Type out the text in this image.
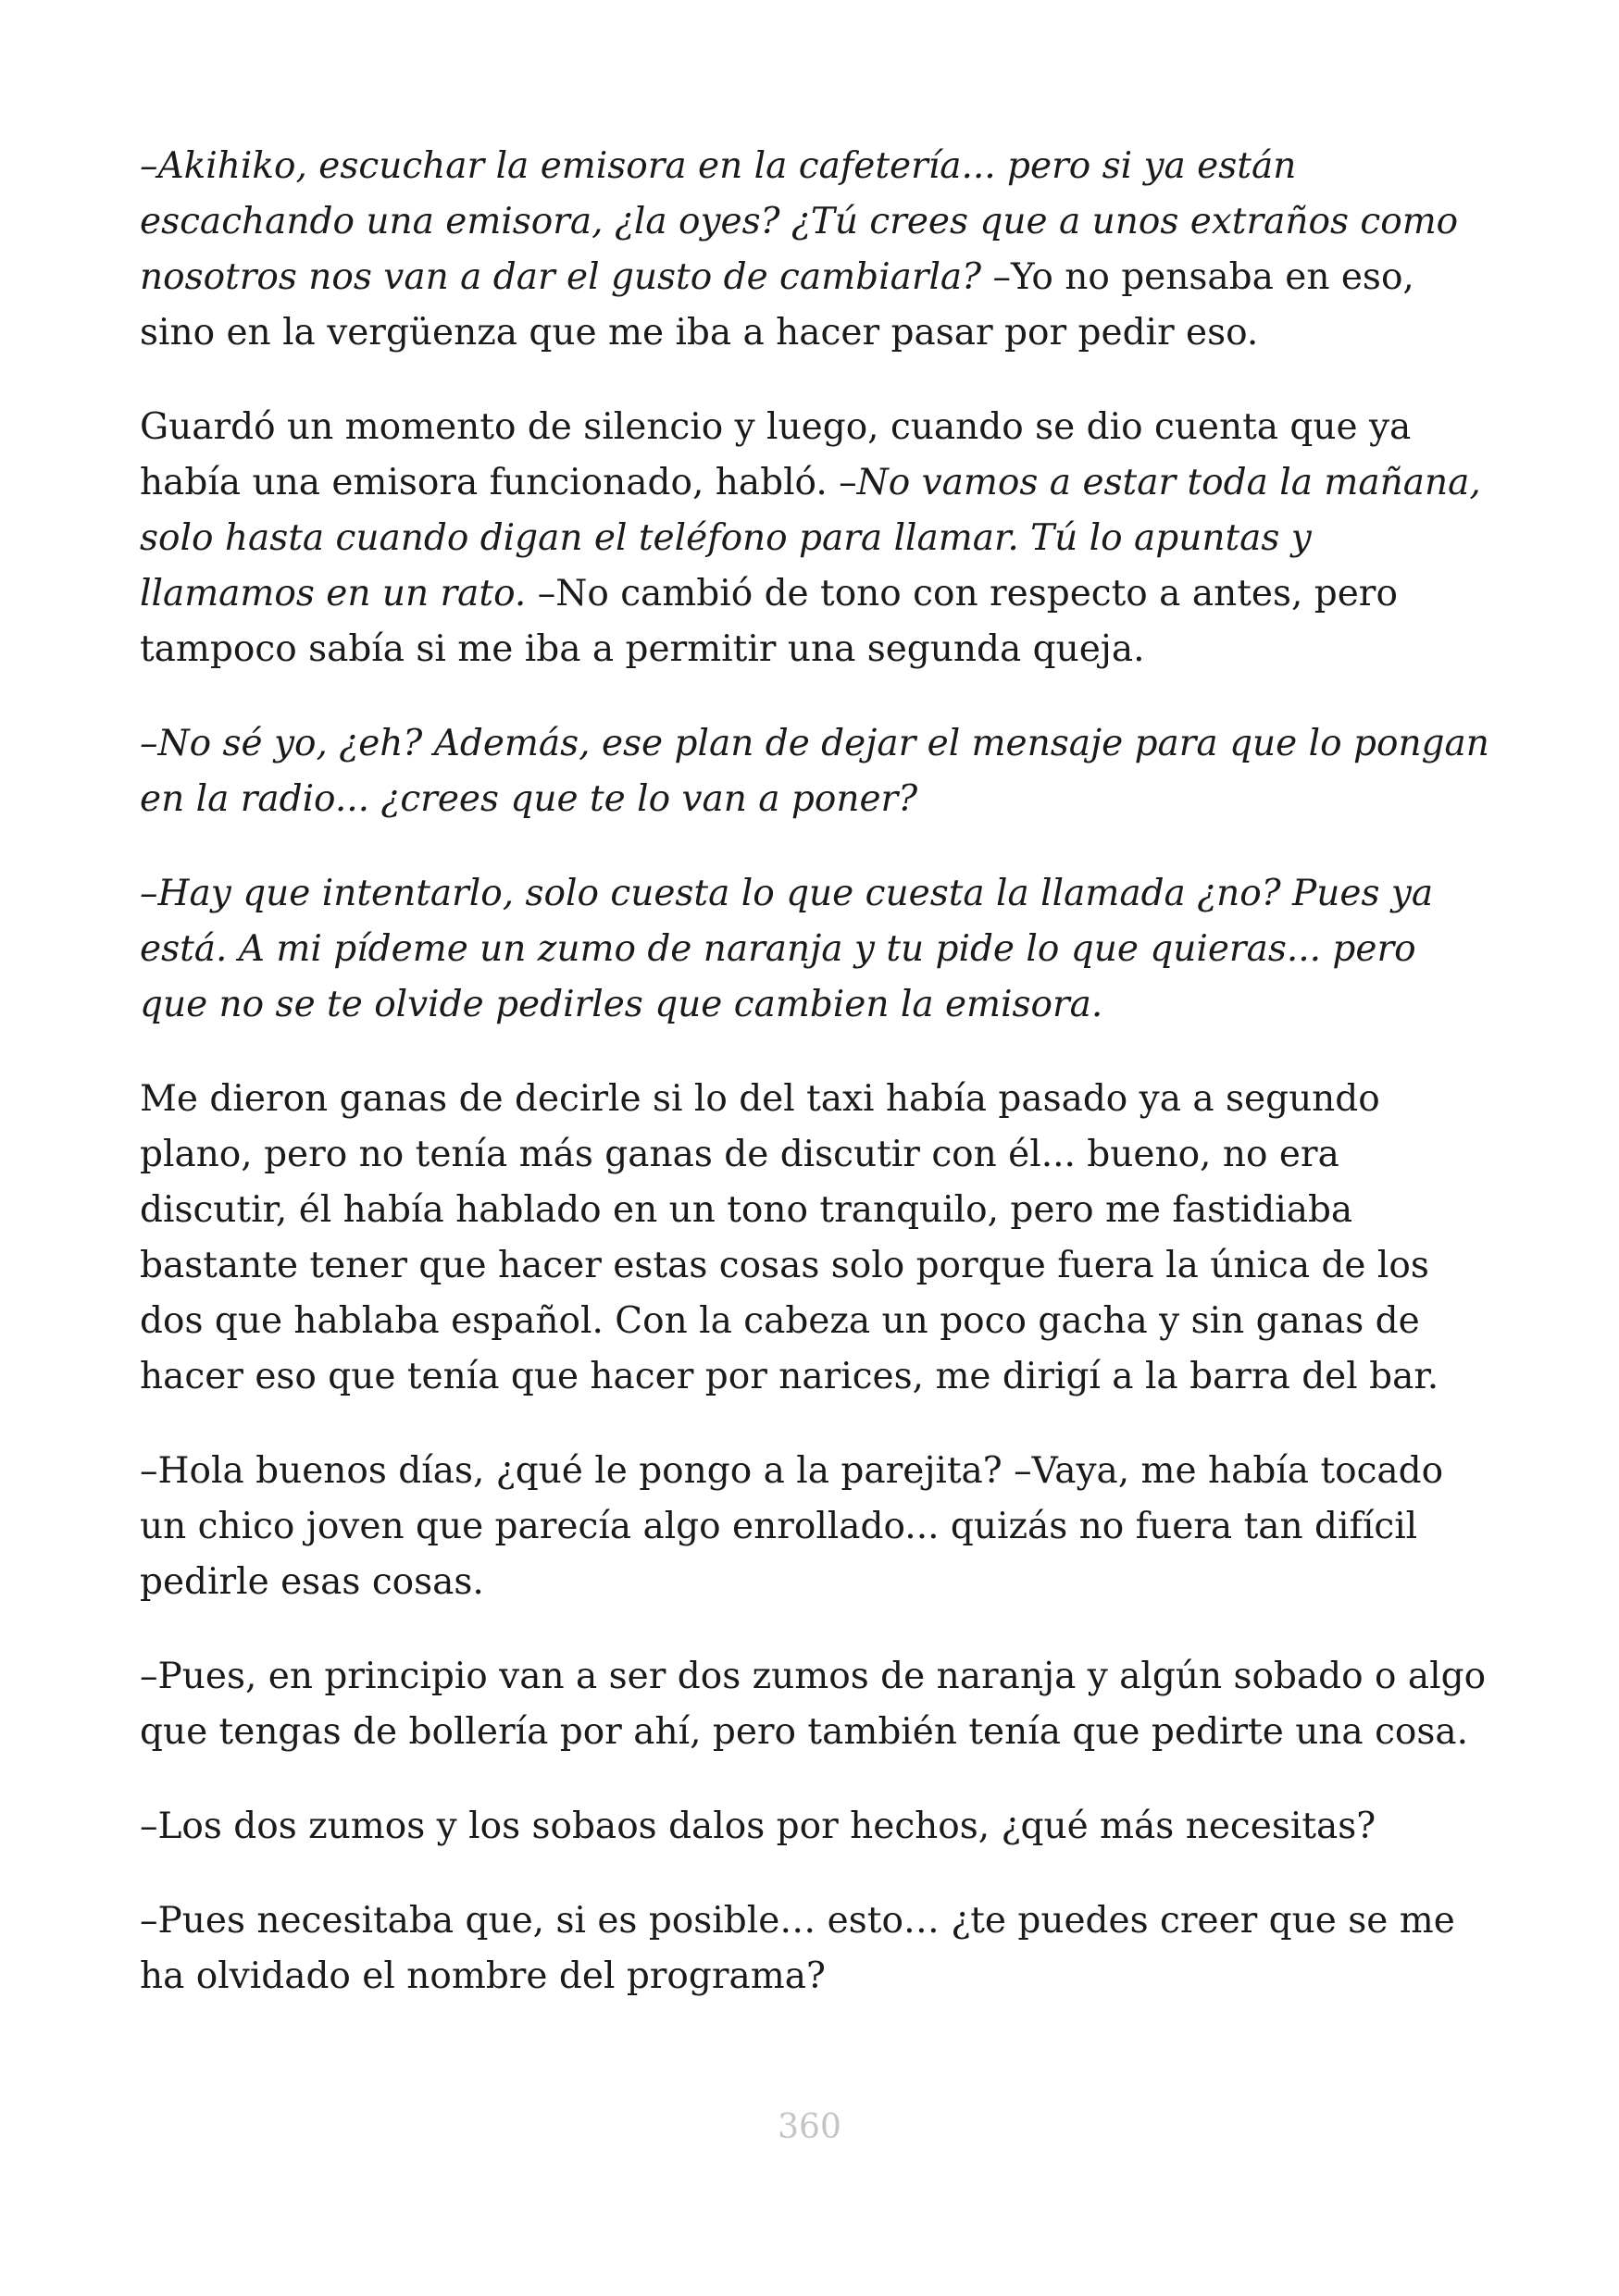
–Akihiko, escuchar la emisora en la cafetería... pero si ya están escachando una emisora, ¿la oyes? ¿Tú crees que a unos extraños como nosotros nos van a dar el gusto de cambiarla? –Yo no pensaba en eso, sino en la vergüenza que me iba a hacer pasar por pedir eso.

Guardó un momento de silencio y luego, cuando se dio cuenta que ya había una emisora funcionado, habló. –No vamos a estar toda la mañana, solo hasta cuando digan el teléfono para llamar. Tú lo apuntas y llamamos en un rato. –No cambió de tono con respecto a antes, pero tampoco sabía si me iba a permitir una segunda queja.

–No sé yo, ¿eh? Además, ese plan de dejar el mensaje para que lo pongan en la radio... ¿crees que te lo van a poner?

–Hay que intentarlo, solo cuesta lo que cuesta la llamada ¿no? Pues ya está. A mi pídeme un zumo de naranja y tu pide lo que quieras... pero que no se te olvide pedirles que cambien la emisora.

Me dieron ganas de decirle si lo del taxi había pasado ya a segundo plano, pero no tenía más ganas de discutir con él... bueno, no era discutir, él había hablado en un tono tranquilo, pero me fastidiaba bastante tener que hacer estas cosas solo porque fuera la única de los dos que hablaba español. Con la cabeza un poco gacha y sin ganas de hacer eso que tenía que hacer por narices, me dirigí a la barra del bar.

–Hola buenos días, ¿qué le pongo a la parejita? –Vaya, me había tocado un chico joven que parecía algo enrollado... quizás no fuera tan difícil pedirle esas cosas.

–Pues, en principio van a ser dos zumos de naranja y algún sobado o algo que tengas de bollería por ahí, pero también tenía que pedirte una cosa.

–Los dos zumos y los sobaos dalos por hechos, ¿qué más necesitas?

–Pues necesitaba que, si es posible… esto… ¿te puedes creer que se me ha olvidado el nombre del programa?

360
